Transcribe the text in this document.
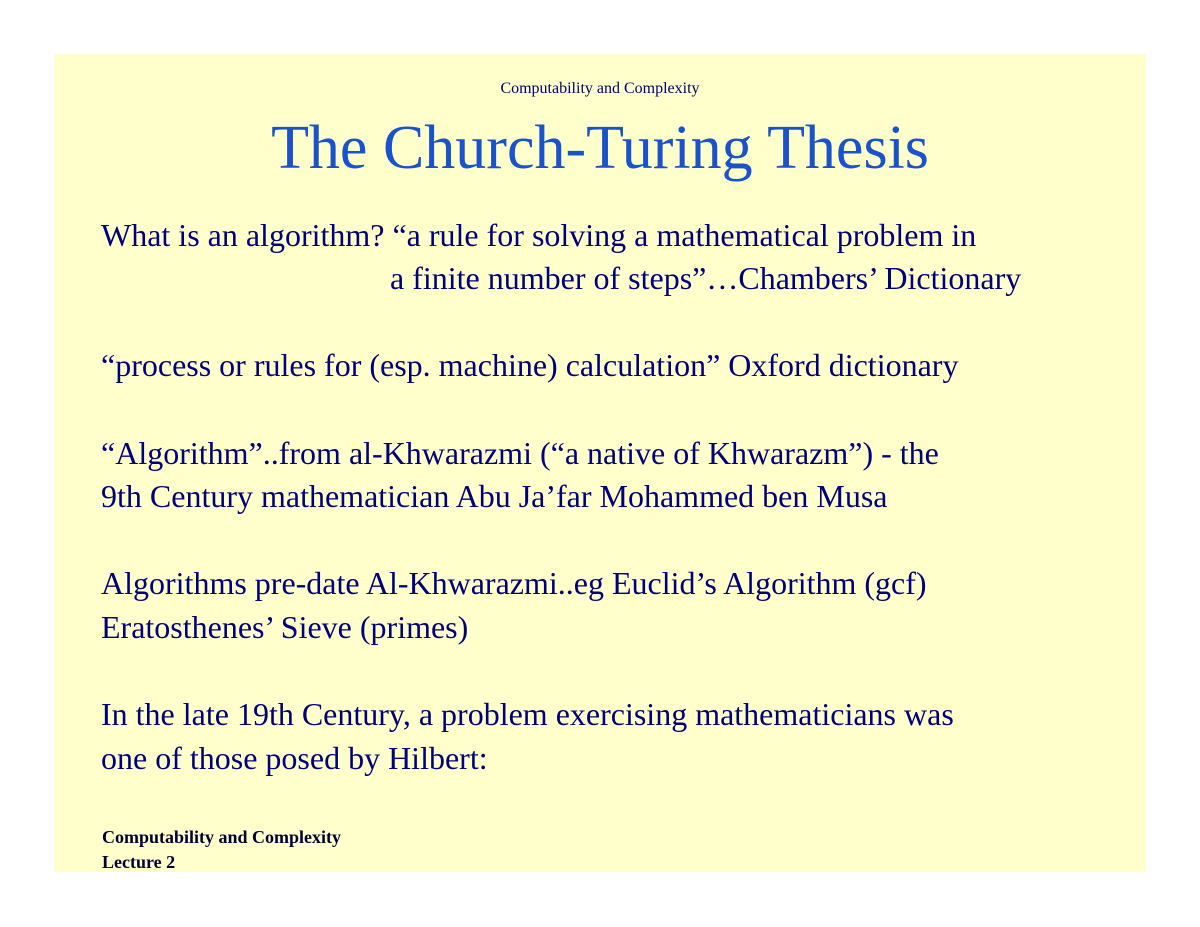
Computability and Complexity
The Church-Turing Thesis
What is an algorithm? “a rule for solving a mathematical problem in
a finite number of steps”…Chambers’ Dictionary
“process or rules for (esp. machine) calculation” Oxford dictionary
“Algorithm”..from al-Khwarazmi (“a native of Khwarazm”) - the
9th Century mathematician Abu Ja’far Mohammed ben Musa
Algorithms pre-date Al-Khwarazmi..eg Euclid’s Algorithm (gcf)
Eratosthenes’ Sieve (primes)
In the late 19th Century, a problem exercising mathematicians was
one of those posed by Hilbert:
Computability and Complexity
Lecture 2
